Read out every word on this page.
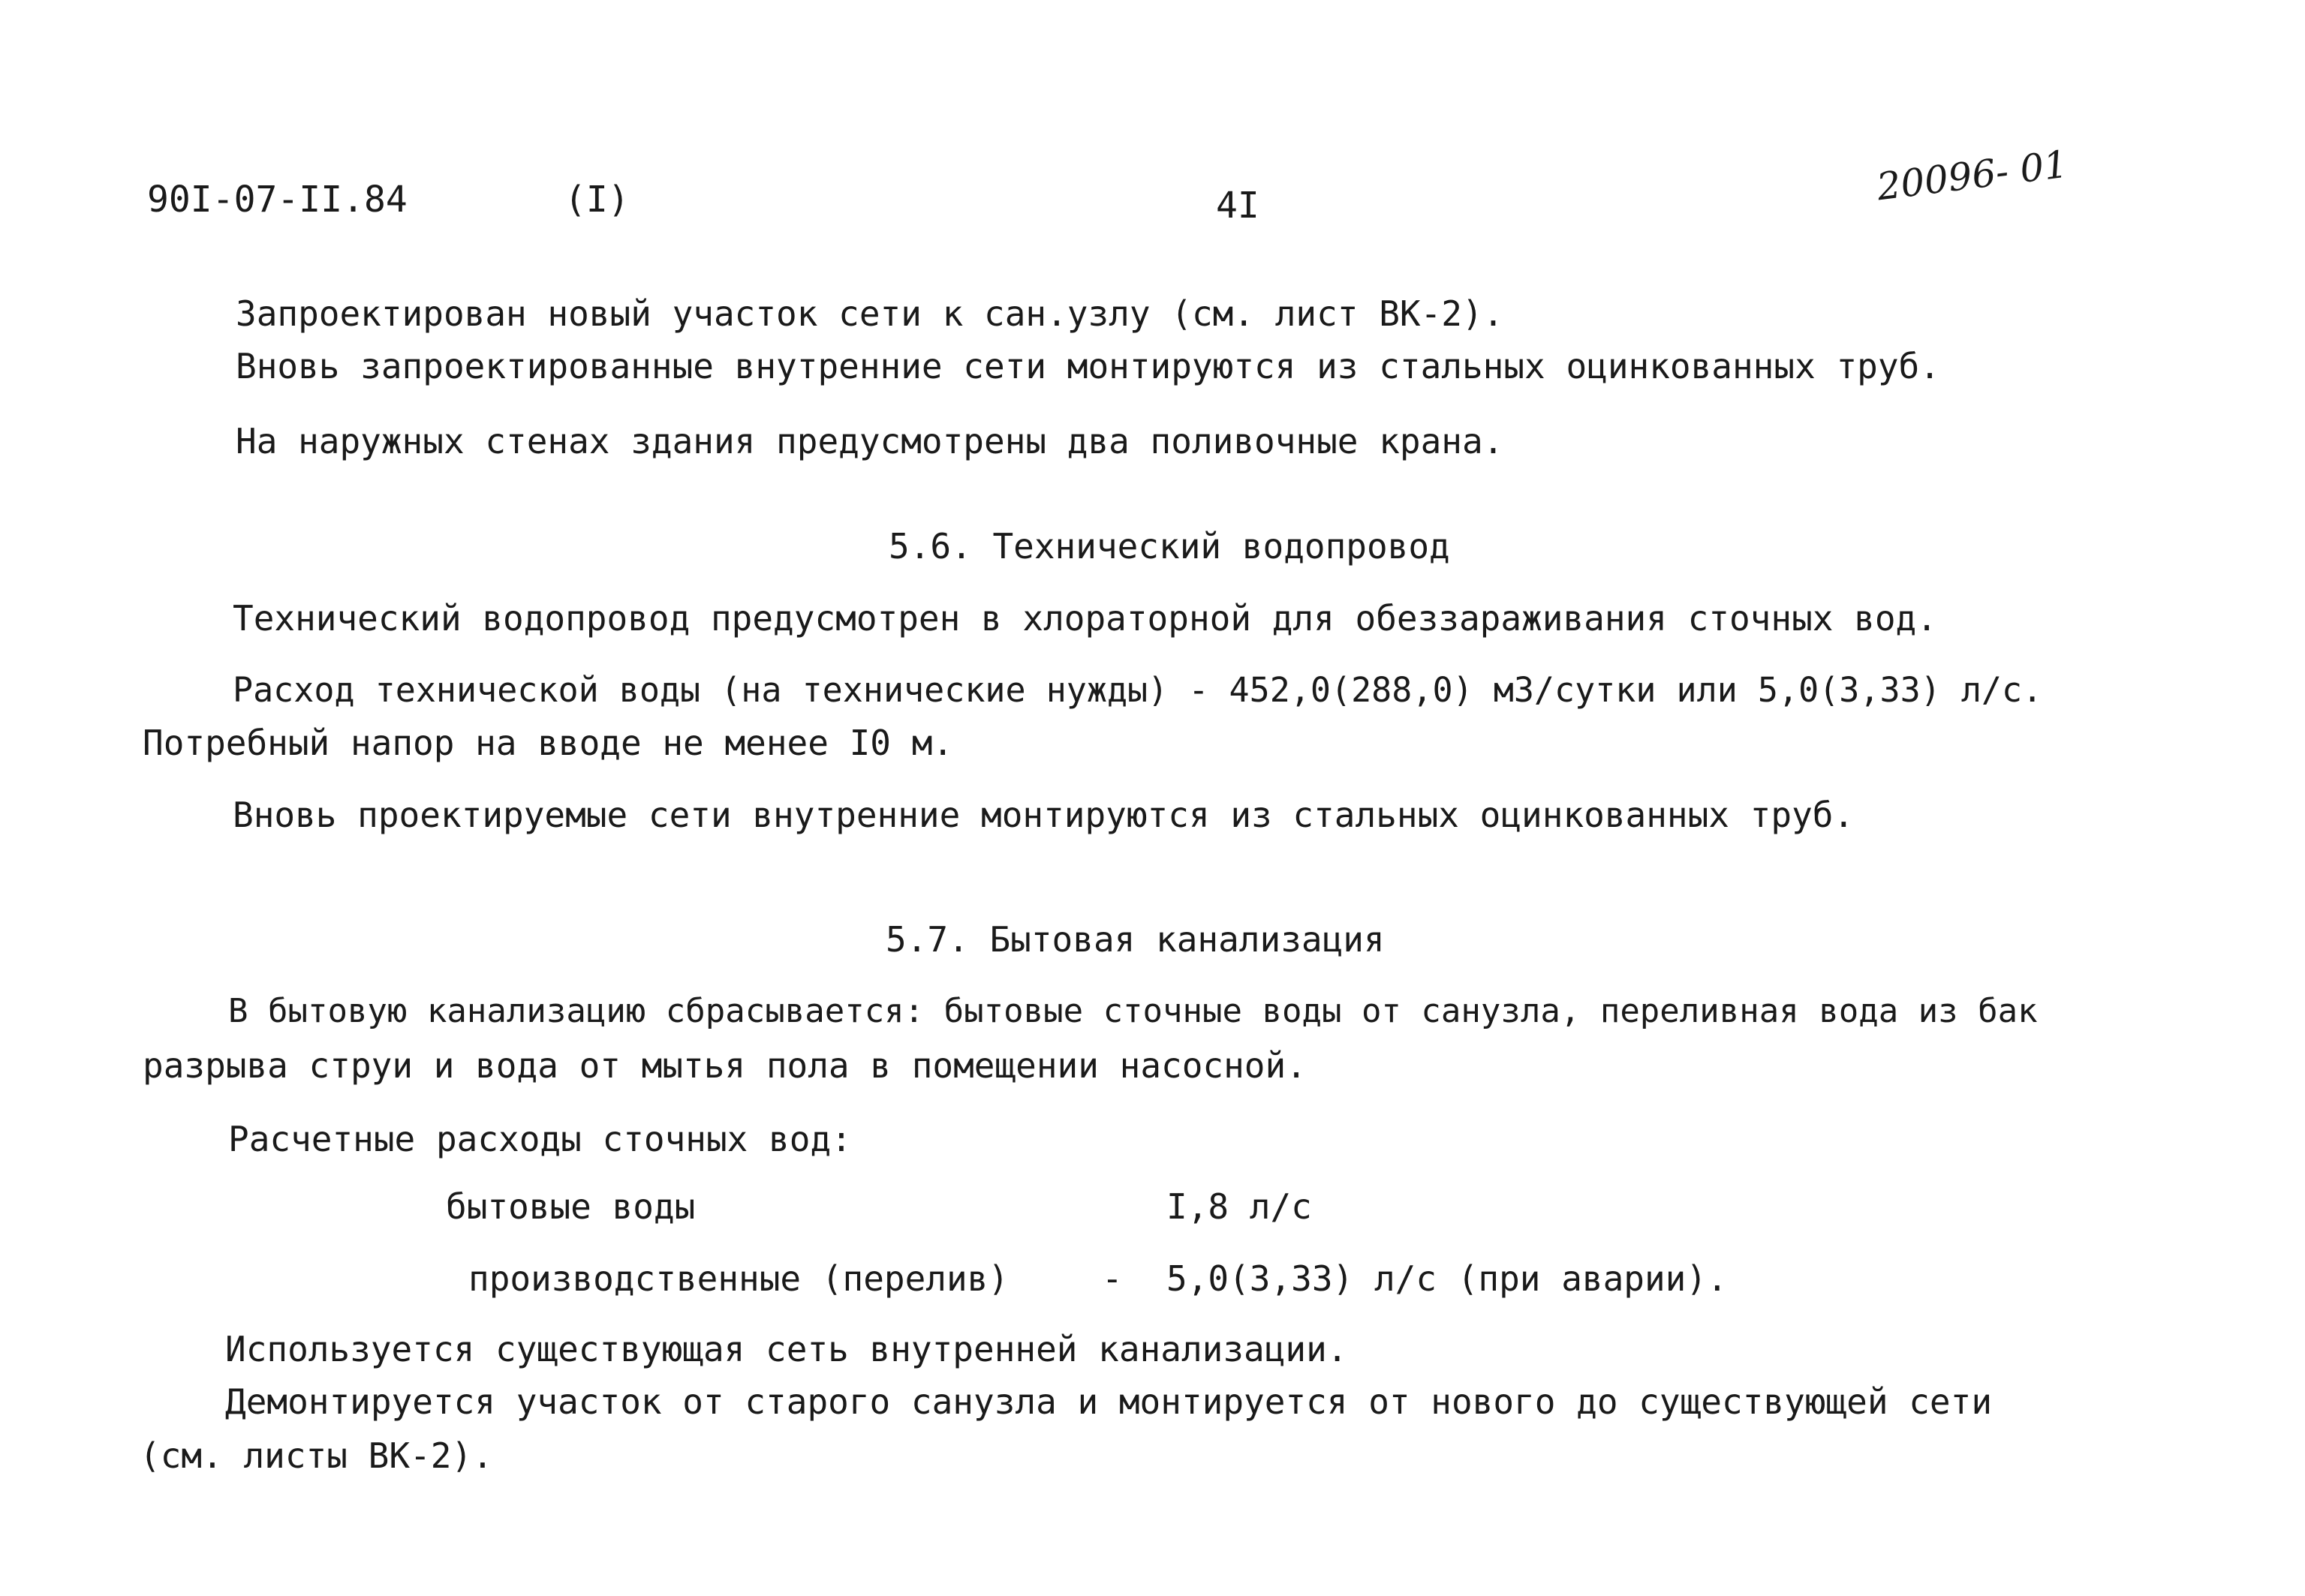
90I-07-II.84	(I)	4I	20096- 01
Запроектирован новый участок сети к сан.узлу (см. лист ВК-2).
Вновь запроектированные внутренние сети монтируются из стальных оцинкованных труб.
На наружных стенах здания предусмотрены два поливочные крана.
5.6. Технический водопровод
Технический водопровод предусмотрен в хлораторной для обеззараживания сточных вод.
Расход технической воды (на технические нужды) - 452,0(288,0) м3/сутки или 5,0(3,33) л/с.
Потребный напор на вводе не менее I0 м.
Вновь проектируемые сети внутренние монтируются из стальных оцинкованных труб.
5.7. Бытовая канализация
В бытовую канализацию сбрасывается: бытовые сточные воды от санузла, переливная вода из бак
разрыва струи и вода от мытья пола в помещении насосной.
Расчетные расходы сточных вод:
бытовые воды	I,8 л/с
производственные (перелив)	- 5,0(3,33) л/с (при аварии).
Используется существующая сеть внутренней канализации.
Демонтируется участок от старого санузла и монтируется от нового до существующей сети
(см. листы ВК-2).
